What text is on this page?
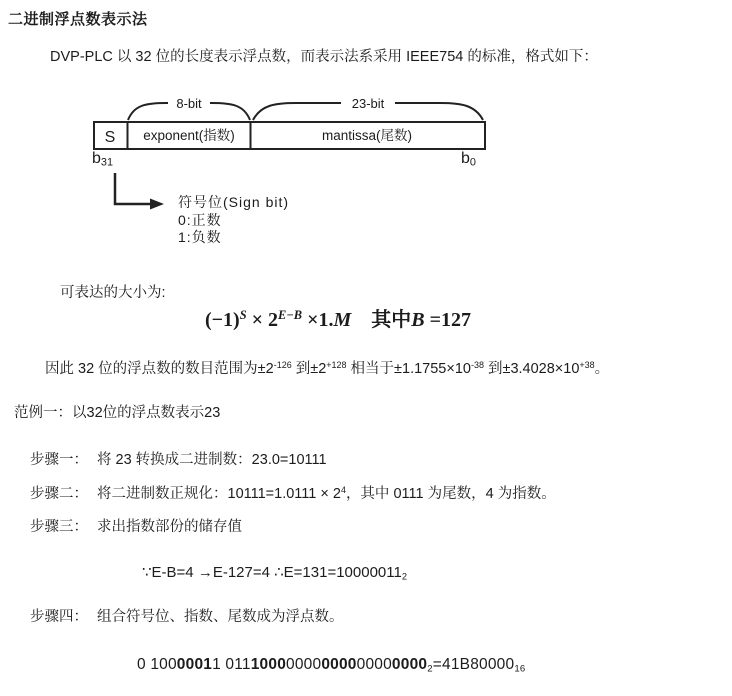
二进制浮点数表示法
DVP-PLC 以 32 位的长度表示浮点数，而表示法系采用 IEEE754 的标准，格式如下：
8-bit	23-bit
S exponent(指数)	mantissa(尾数)
$b_{31}$	$b_0$
符号位(Sign bit)
0:正数
1:负数
可表达的大小为:
$(-1)^S \times 2^{E-B} \times 1.M$　其中B =127
因此 32 位的浮点数的数目范围为$\pm 2^{-126}$ 到$\pm 2^{+128}$ 相当于$\pm 1.1755\times 10^{-38}$ 到$\pm 3.4028\times 10^{+38}$。
范例一：以32位的浮点数表示23
步骤一： 将 23 转换成二进制数：23.0=10111
步骤二： 将二进制数正规化：$10111=1.0111 \times 2^4$，其中 0111 为尾数，4 为指数。
步骤三： 求出指数部份的储存值
∵E-B=4 →E-127=4 $\therefore E=131=10000011_2$
步骤四： 组合符号位、指数、尾数成为浮点数。
0 10000011 $01110000000000000000000_2=41B80000_{16}$
